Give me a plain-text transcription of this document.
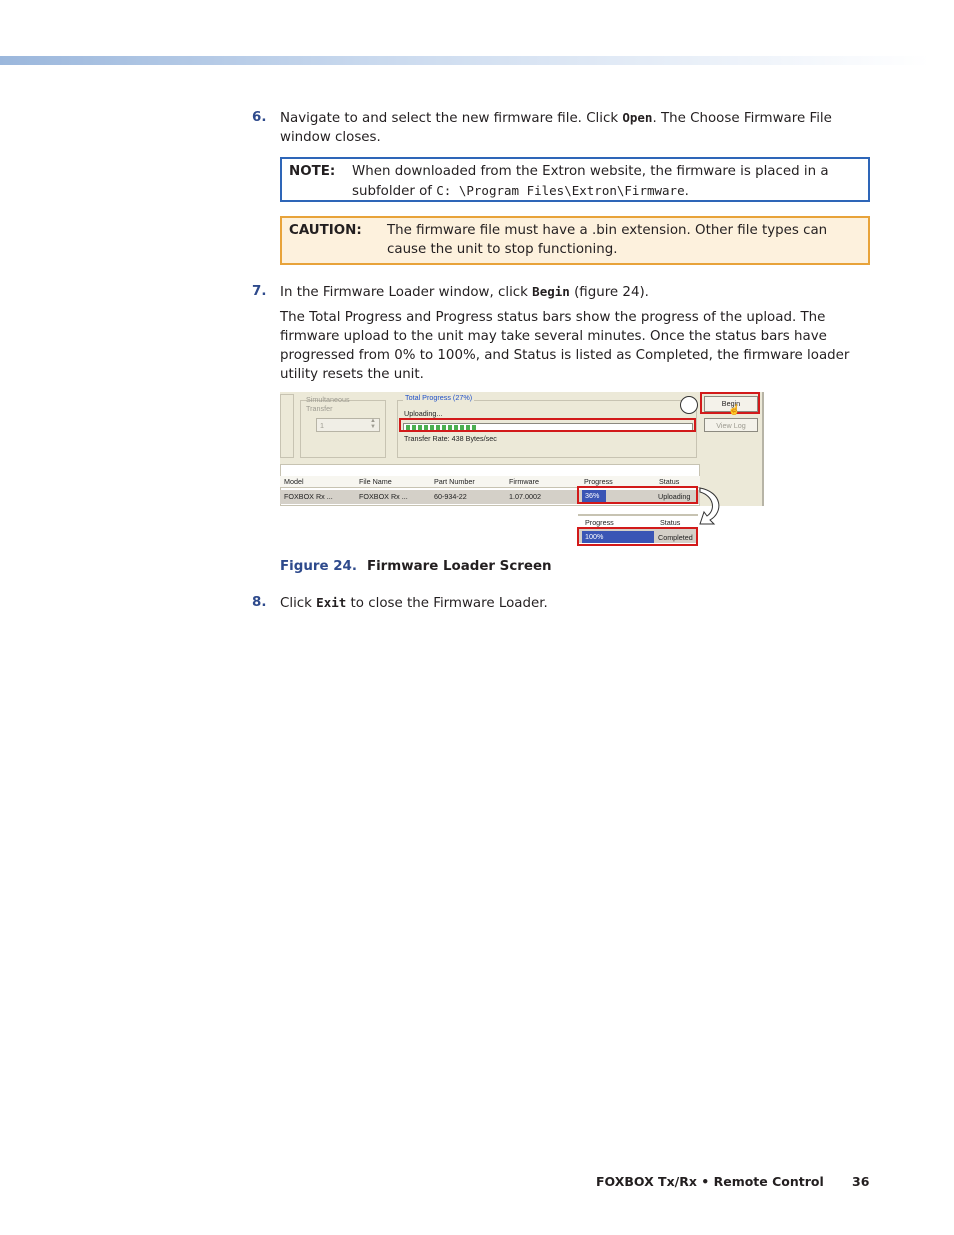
6. Navigate to and select the new firmware file. Click Open. The Choose Firmware File window closes.
NOTE: When downloaded from the Extron website, the firmware is placed in a subfolder of C: \Program Files\Extron\Firmware.
CAUTION: The firmware file must have a .bin extension. Other file types can cause the unit to stop functioning.
7. In the Firmware Loader window, click Begin (figure 24).
The Total Progress and Progress status bars show the progress of the upload. The firmware upload to the unit may take several minutes. Once the status bars have progressed from 0% to 100%, and Status is listed as Completed, the firmware loader utility resets the unit.
Simultaneous Transfer
1	▲
▼
Total Progress (27%)
Uploading...
Transfer Rate: 438 Bytes/sec
Begin
☝
View Log
Model	File Name	Part Number	Firmware	Progress	Status
FOXBOX Rx ...	FOXBOX Rx ...	60-934-22	1.07.0002	36%	Uploading
Progress	Status
100%	Completed
Figure 24. Firmware Loader Screen
8. Click Exit to close the Firmware Loader.
FOXBOX Tx/Rx • Remote Control 36
